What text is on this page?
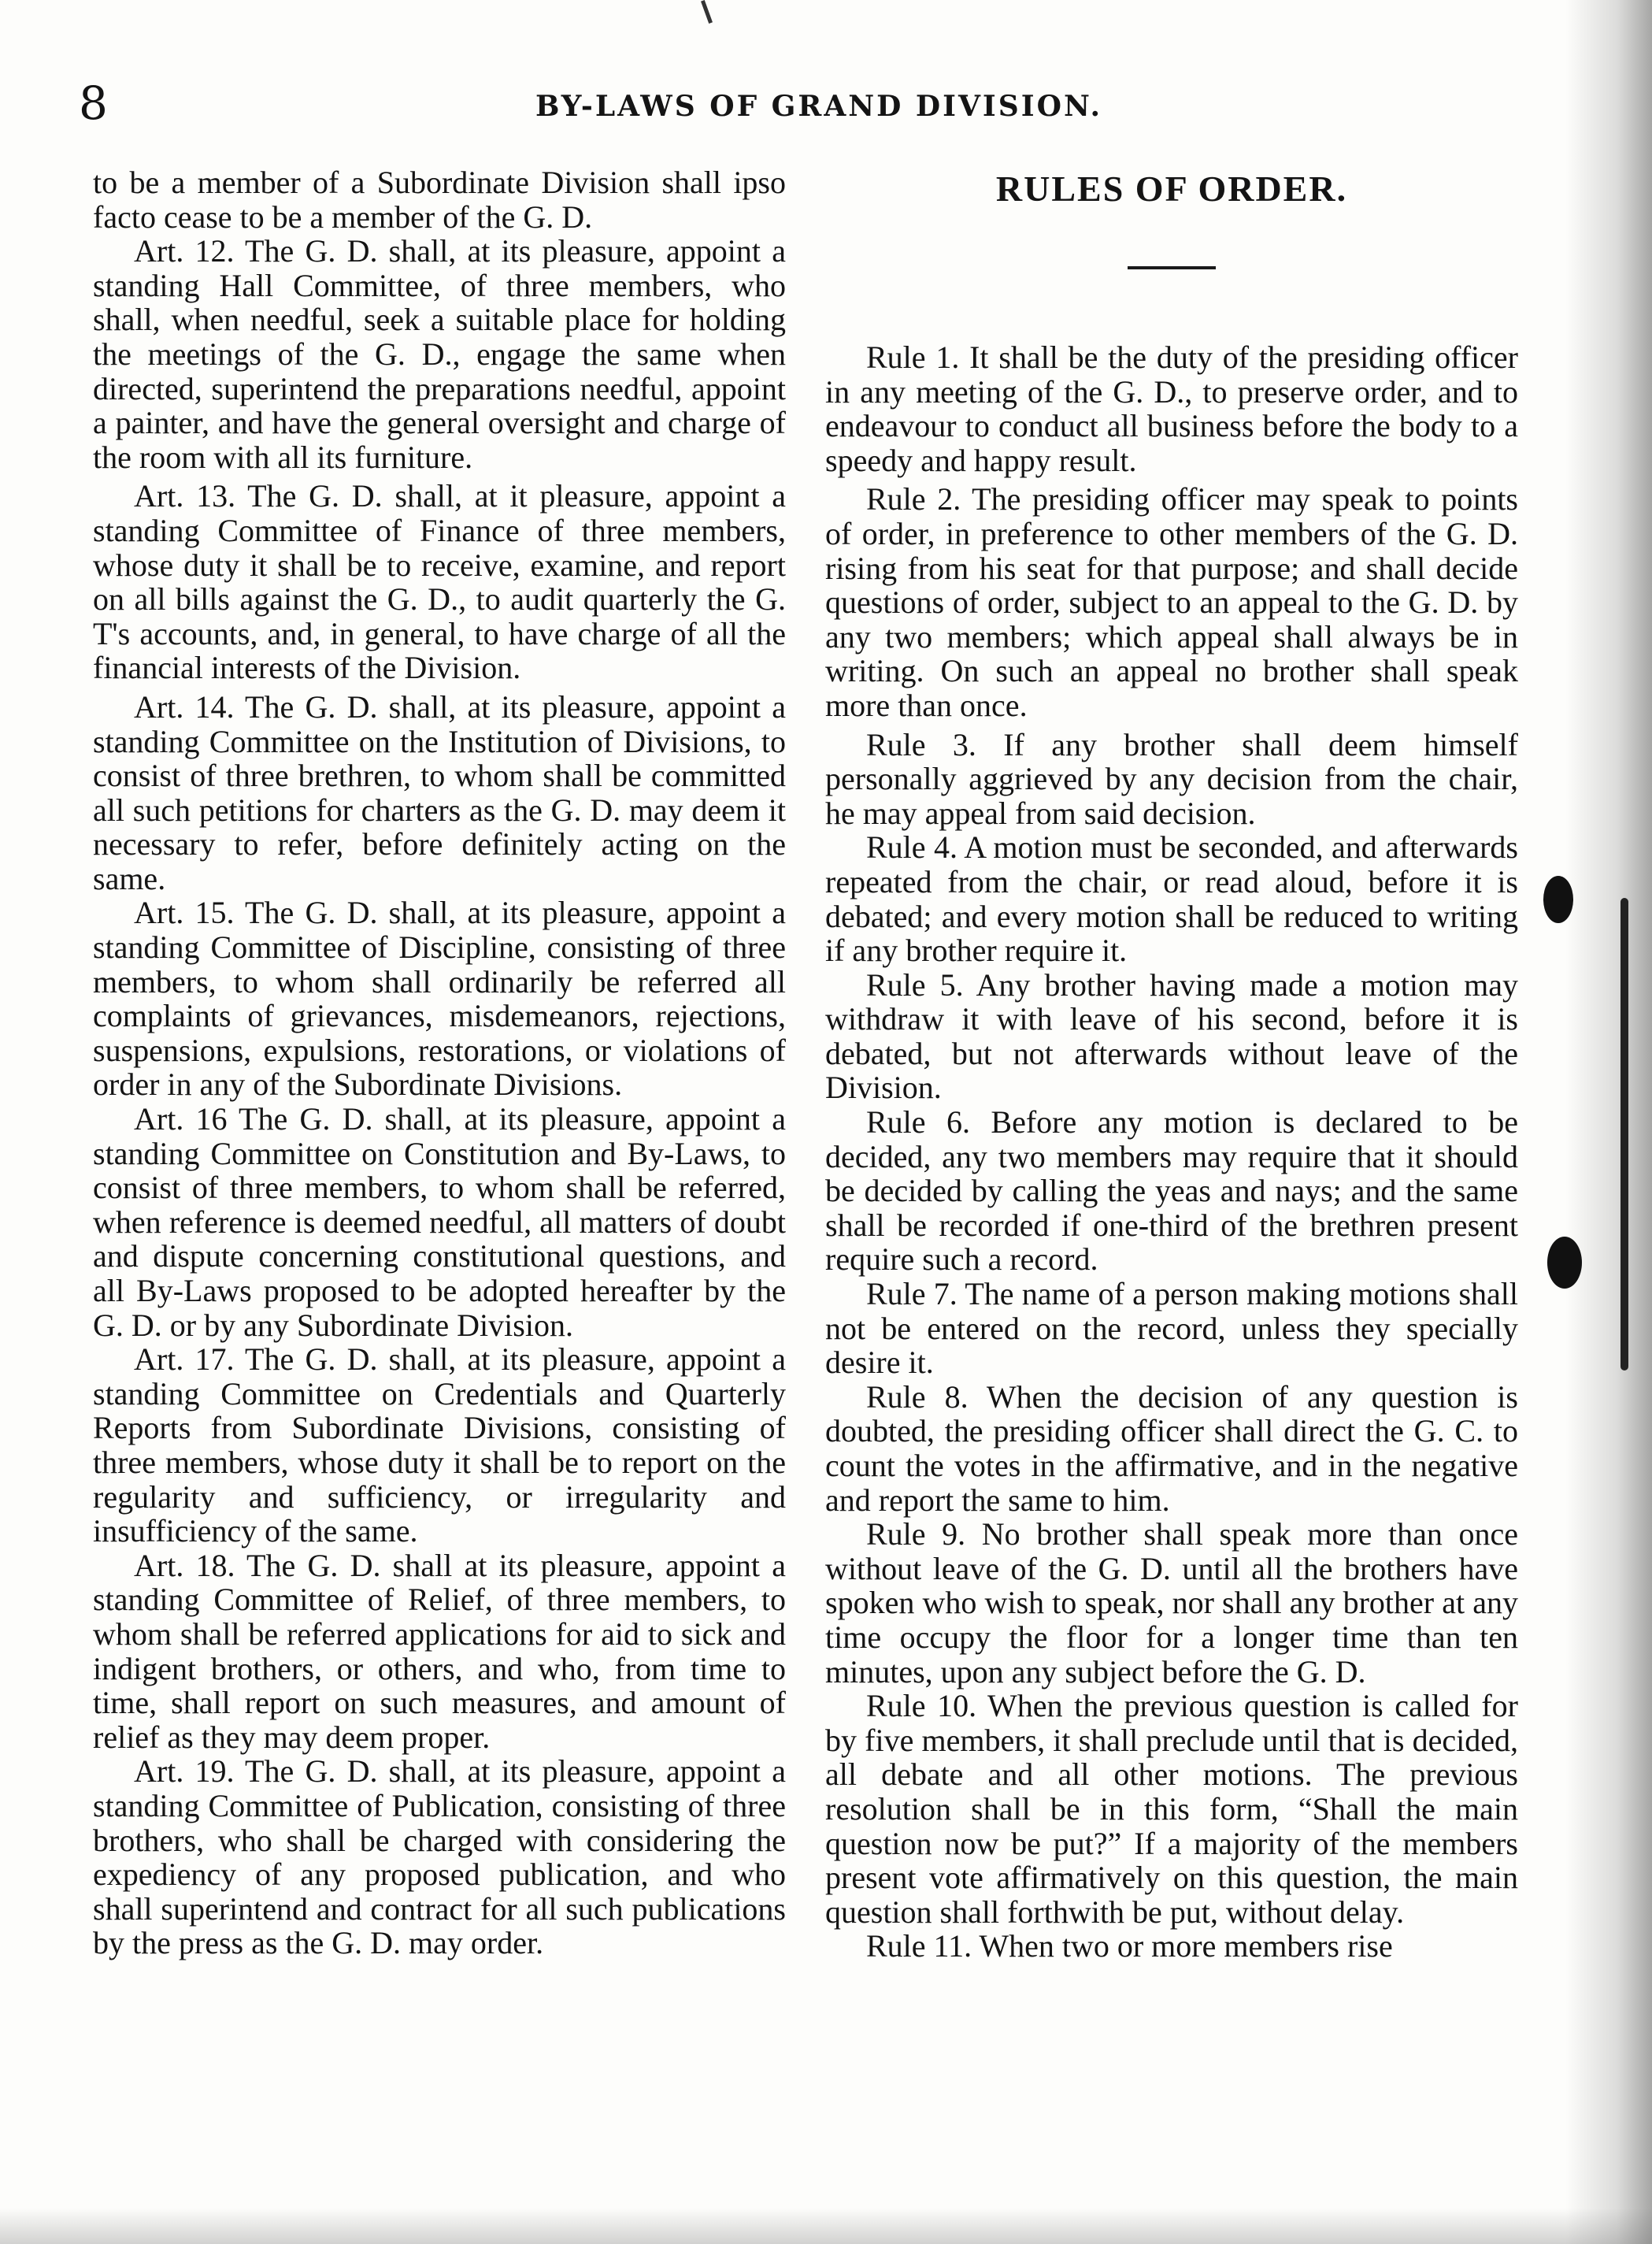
8	BY-LAWS OF GRAND DIVISION.

to be a member of a Subordinate Division shall ipso facto cease to be a member of the G. D.

Art. 12. The G. D. shall, at its pleasure, appoint a standing Hall Committee, of three members, who shall, when needful, seek a suitable place for holding the meetings of the G. D., engage the same when directed, superintend the preparations needful, appoint a painter, and have the general oversight and charge of the room with all its furniture.

Art. 13. The G. D. shall, at it pleasure, appoint a standing Committee of Finance of three members, whose duty it shall be to receive, examine, and report on all bills against the G. D., to audit quarterly the G. T's accounts, and, in general, to have charge of all the financial interests of the Division.

Art. 14. The G. D. shall, at its pleasure, appoint a standing Committee on the Institution of Divisions, to consist of three brethren, to whom shall be committed all such petitions for charters as the G. D. may deem it necessary to refer, before definitely acting on the same.

Art. 15. The G. D. shall, at its pleasure, appoint a standing Committee of Discipline, consisting of three members, to whom shall ordinarily be referred all complaints of grievances, misdemeanors, rejections, suspensions, expulsions, restorations, or violations of order in any of the Subordinate Divisions.

Art. 16 The G. D. shall, at its pleasure, appoint a standing Committee on Constitution and By-Laws, to consist of three members, to whom shall be referred, when reference is deemed needful, all matters of doubt and dispute concerning constitutional questions, and all By-Laws proposed to be adopted hereafter by the G. D. or by any Subordinate Division.

Art. 17. The G. D. shall, at its pleasure, appoint a standing Committee on Credentials and Quarterly Reports from Subordinate Divisions, consisting of three members, whose duty it shall be to report on the regularity and sufficiency, or irregularity and insufficiency of the same.

Art. 18. The G. D. shall at its pleasure, appoint a standing Committee of Relief, of three members, to whom shall be referred applications for aid to sick and indigent brothers, or others, and who, from time to time, shall report on such measures, and amount of relief as they may deem proper.

Art. 19. The G. D. shall, at its pleasure, appoint a standing Committee of Publication, consisting of three brothers, who shall be charged with considering the expediency of any proposed publication, and who shall superintend and contract for all such publications by the press as the G. D. may order.

RULES OF ORDER.

Rule 1. It shall be the duty of the presiding officer in any meeting of the G. D., to preserve order, and to endeavour to conduct all business before the body to a speedy and happy result.

Rule 2. The presiding officer may speak to points of order, in preference to other members of the G. D. rising from his seat for that purpose; and shall decide questions of order, subject to an appeal to the G. D. by any two members; which appeal shall always be in writing. On such an appeal no brother shall speak more than once.

Rule 3. If any brother shall deem himself personally aggrieved by any decision from the chair, he may appeal from said decision.

Rule 4. A motion must be seconded, and afterwards repeated from the chair, or read aloud, before it is debated; and every motion shall be reduced to writing if any brother require it.

Rule 5. Any brother having made a motion may withdraw it with leave of his second, before it is debated, but not afterwards without leave of the Division.

Rule 6. Before any motion is declared to be decided, any two members may require that it should be decided by calling the yeas and nays; and the same shall be recorded if one-third of the brethren present require such a record.

Rule 7. The name of a person making motions shall not be entered on the record, unless they specially desire it.

Rule 8. When the decision of any question is doubted, the presiding officer shall direct the G. C. to count the votes in the affirmative, and in the negative and report the same to him.

Rule 9. No brother shall speak more than once without leave of the G. D. until all the brothers have spoken who wish to speak, nor shall any brother at any time occupy the floor for a longer time than ten minutes, upon any subject before the G. D.

Rule 10. When the previous question is called for by five members, it shall preclude until that is decided, all debate and all other motions. The previous resolution shall be in this form, “Shall the main question now be put?” If a majority of the members present vote affirmatively on this question, the main question shall forthwith be put, without delay.

Rule 11. When two or more members rise
